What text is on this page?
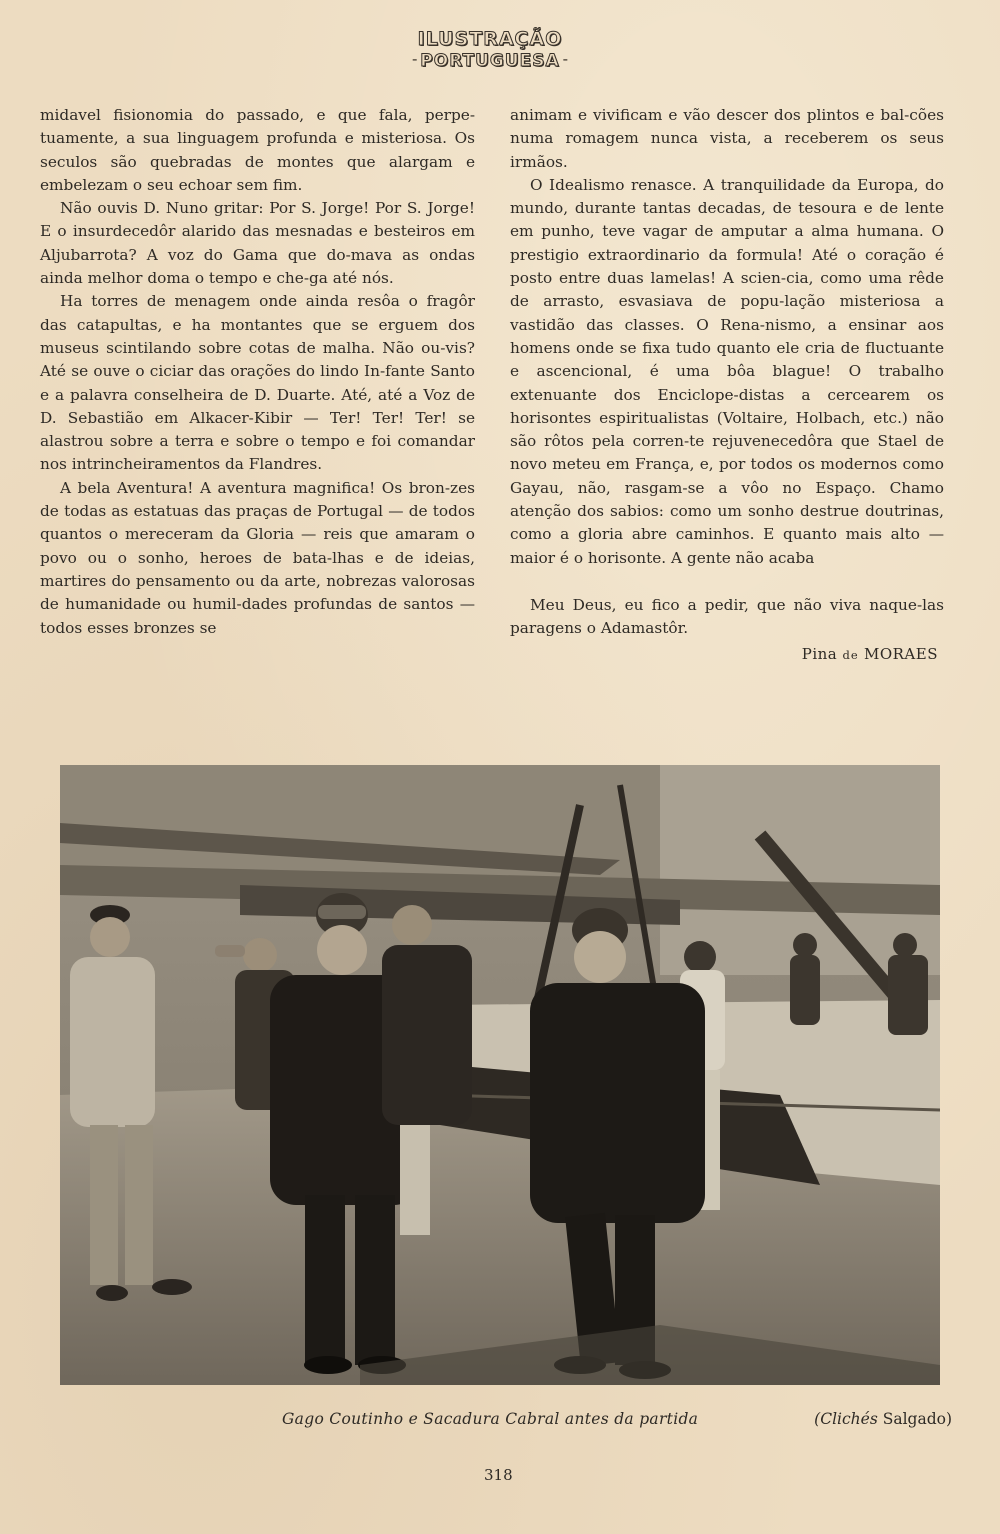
-
ILUSTRAÇÃO
PORTUGUESA -

midavel fisionomia do passado, e que fala, perpe-tuamente, a sua linguagem profunda e misteriosa. Os seculos são quebradas de montes que alargam e embelezam o seu echoar sem fim.

Não ouvis D. Nuno gritar: Por S. Jorge! Por S. Jorge! E o insurdecedôr alarido das mesnadas e besteiros em Aljubarrota? A voz do Gama que do-mava as ondas ainda melhor doma o tempo e che-ga até nós.

Ha torres de menagem onde ainda resôa o fragôr das catapultas, e ha montantes que se erguem dos museus scintilando sobre cotas de malha. Não ou-vis? Até se ouve o ciciar das orações do lindo In-fante Santo e a palavra conselheira de D. Duarte. Até, até a Voz de D. Sebastião em Alkacer-Kibir — Ter! Ter! Ter! se alastrou sobre a terra e sobre o tempo e foi comandar nos intrincheiramentos da Flandres.

A bela Aventura! A aventura magnifica! Os bron-zes de todas as estatuas das praças de Portugal — de todos quantos o mereceram da Gloria — reis que amaram o povo ou o sonho, heroes de bata-lhas e de ideias, martires do pensamento ou da arte, nobrezas valorosas de humanidade ou humil-dades profundas de santos — todos esses bronzes se

animam e vivificam e vão descer dos plintos e bal-cões numa romagem nunca vista, a receberem os seus irmãos.

O Idealismo renasce. A tranquilidade da Europa, do mundo, durante tantas decadas, de tesoura e de lente em punho, teve vagar de amputar a alma humana. O prestigio extraordinario da formula! Até o coração é posto entre duas lamelas! A scien-cia, como uma rêde de arrasto, esvasiava de popu-lação misteriosa a vastidão das classes. O Rena-nismo, a ensinar aos homens onde se fixa tudo quanto ele cria de fluctuante e ascencional, é uma bôa blague! O trabalho extenuante dos Enciclope-distas a cercearem os horisontes espiritualistas (Voltaire, Holbach, etc.) não são rôtos pela corren-te rejuvenecedôra que Stael de novo meteu em França, e, por todos os modernos como Gayau, não, rasgam-se a vôo no Espaço. Chamo atenção dos sabios: como um sonho destrue doutrinas, como a gloria abre caminhos. E quanto mais alto — maior é o horisonte. A gente não acaba

Meu Deus, eu fico a pedir, que não viva naque-las paragens o Adamastôr.

Pina de MORAES
Gago Coutinho e Sacadura Cabral antes da partida	(Clichés Salgado)
318
